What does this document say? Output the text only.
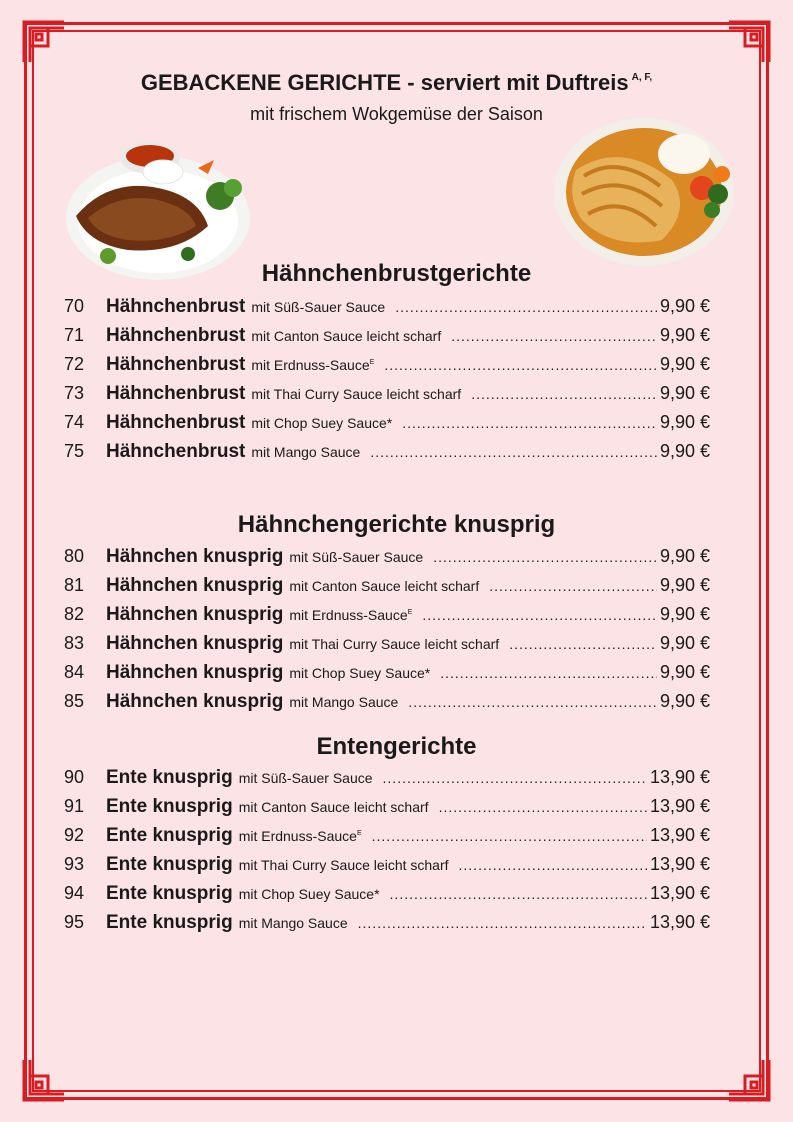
GEBACKENE GERICHTE - serviert mit Duftreis $^{A, F,}$
mit frischem Wokgemüse der Saison
Hähnchenbrustgerichte
70	Hähnchenbrust mit Süß-Sauer Sauce .....	9,90 €
71	Hähnchenbrust mit Canton Sauce leicht scharf .....	9,90 €
72	Hähnchenbrust mit Erdnuss-Sauce$^E$ .....	9,90 €
73	Hähnchenbrust mit Thai Curry Sauce leicht scharf .....	9,90 €
74	Hähnchenbrust mit Chop Suey Sauce* .....	9,90 €
75	Hähnchenbrust mit Mango Sauce .....	9,90 €
Hähnchengerichte knusprig
80	Hähnchen knusprig mit Süß-Sauer Sauce .....	9,90 €
81	Hähnchen knusprig mit Canton Sauce leicht scharf .....	9,90 €
82	Hähnchen knusprig mit Erdnuss-Sauce$^E$ .....	9,90 €
83	Hähnchen knusprig mit Thai Curry Sauce leicht scharf .....	9,90 €
84	Hähnchen knusprig mit Chop Suey Sauce* .....	9,90 €
85	Hähnchen knusprig mit Mango Sauce .....	9,90 €
Entengerichte
90	Ente knusprig mit Süß-Sauer Sauce .....	13,90 €
91	Ente knusprig mit Canton Sauce leicht scharf .....	13,90 €
92	Ente knusprig mit Erdnuss-Sauce$^E$ .....	13,90 €
93	Ente knusprig mit Thai Curry Sauce leicht scharf .....	13,90 €
94	Ente knusprig mit Chop Suey Sauce* .....	13,90 €
95	Ente knusprig mit Mango Sauce .....	13,90 €
